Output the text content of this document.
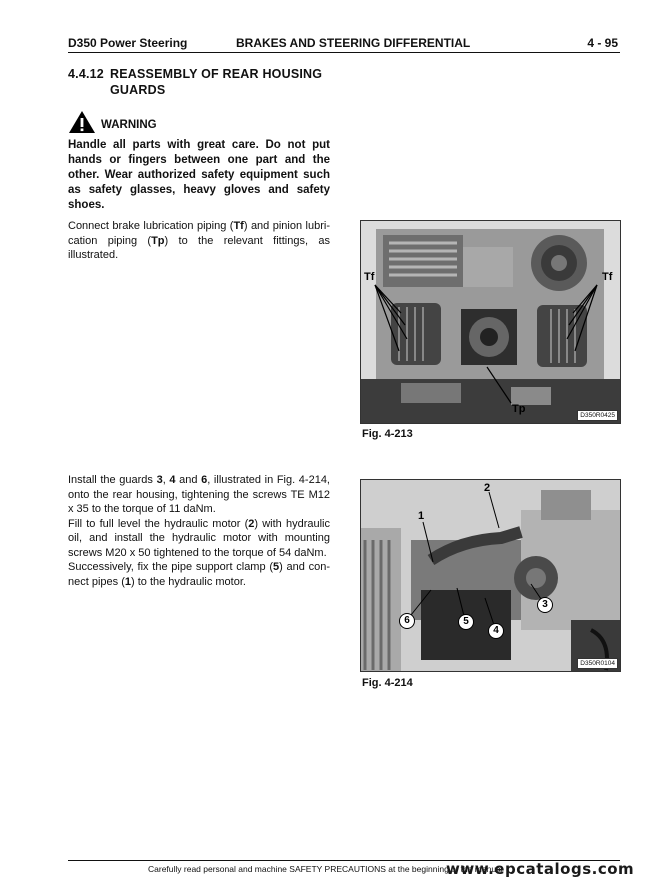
D350 Power Steering	BRAKES AND STEERING DIFFERENTIAL	4 - 95
4.4.12 REASSEMBLY OF REAR HOUSING
GUARDS
WARNING
Handle all parts with great care. Do not put hands or fingers between one part and the other. Wear authorized safety equipment such as safety glasses, heavy gloves and safety shoes.
Connect brake lubrication piping (Tf) and pinion lubri-cation piping (Tp) to the relevant fittings, as illustrated.
Tf	Tf
Tp
D350R0425
Fig. 4-213
Install the guards 3, 4 and 6, illustrated in Fig. 4-214, onto the rear housing, tightening the screws TE M12 x 35 to the torque of 11 daNm.
Fill to full level the hydraulic motor (2) with hydraulic oil, and install the hydraulic motor with mounting screws M20 x 50 tightened to the torque of 54 daNm.
Successively, fix the pipe support clamp (5) and con-nect pipes (1) to the hydraulic motor.
1
2
3
4
5
6
D350R0104
Fig. 4-214
Carefully read personal and machine SAFETY PRECAUTIONS at the beginning of the manual
www.epcatalogs.com
